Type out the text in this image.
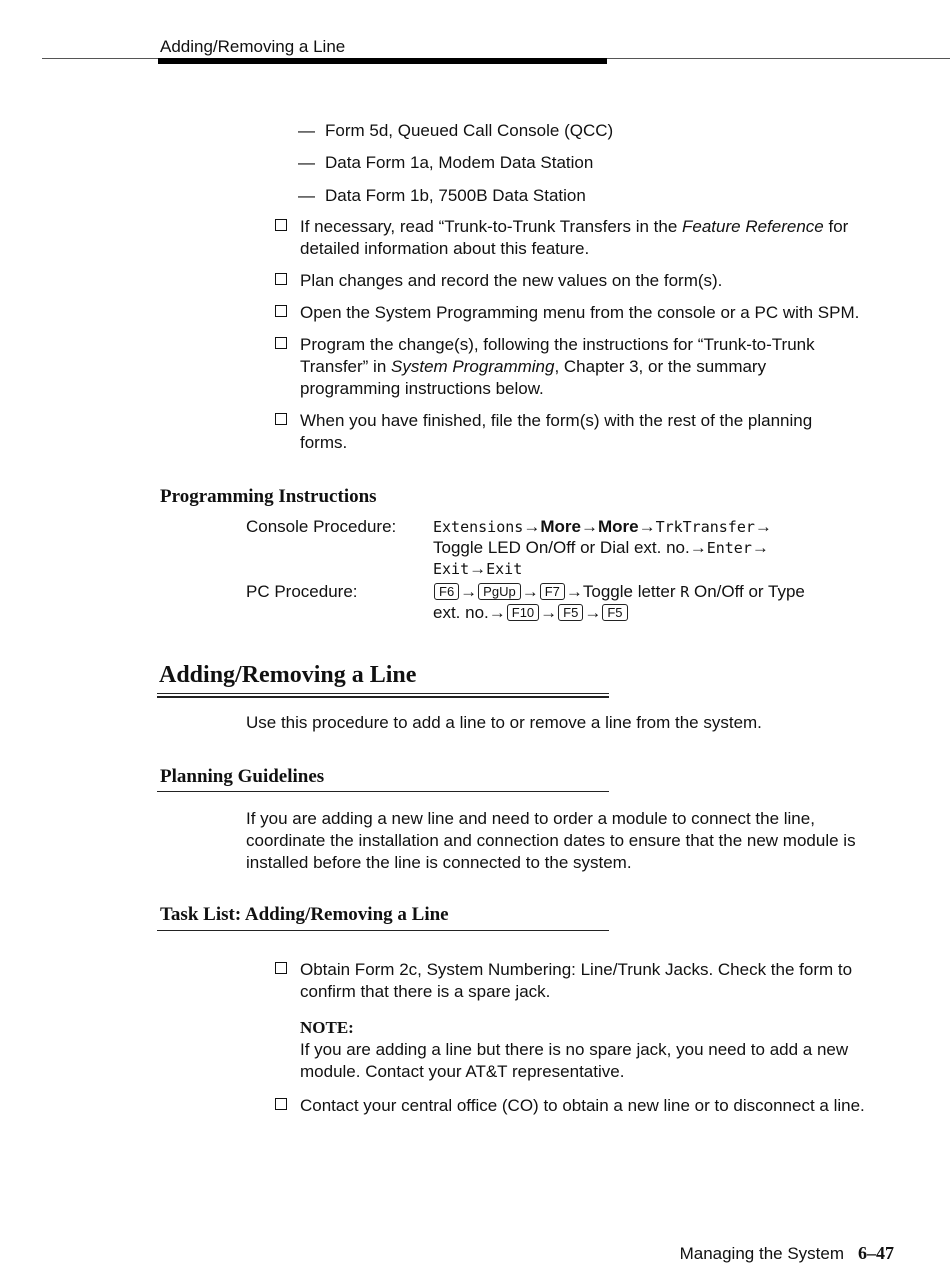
Adding/Removing a Line
— Form 5d, Queued Call Console (QCC)
— Data Form 1a, Modem Data Station
— Data Form 1b, 7500B Data Station
If necessary, read “Trunk-to-Trunk Transfers in the Feature Reference for detailed information about this feature.
Plan changes and record the new values on the form(s).
Open the System Programming menu from the console or a PC with SPM.
Program the change(s), following the instructions for “Trunk-to-Trunk Transfer” in System Programming, Chapter 3, or the summary programming instructions below.
When you have finished, file the form(s) with the rest of the planning forms.
Programming Instructions
Console Procedure: Extensions→More→More→TrkTransfer→
Toggle LED On/Off or Dial ext. no.→Enter→
Exit→Exit
PC Procedure:	F6 → PgUp → F7 →Toggle letter R On/Off or Type
ext. no.→ F10 → F5 → F5
Adding/Removing a Line
Use this procedure to add a line to or remove a line from the system.
Planning Guidelines
If you are adding a new line and need to order a module to connect the line, coordinate the installation and connection dates to ensure that the new module is installed before the line is connected to the system.
Task List: Adding/Removing a Line
Obtain Form 2c, System Numbering: Line/Trunk Jacks. Check the form to confirm that there is a spare jack.
NOTE:
If you are adding a line but there is no spare jack, you need to add a new module. Contact your AT&T representative.
Contact your central office (CO) to obtain a new line or to disconnect a line.
Managing the System 6–47
